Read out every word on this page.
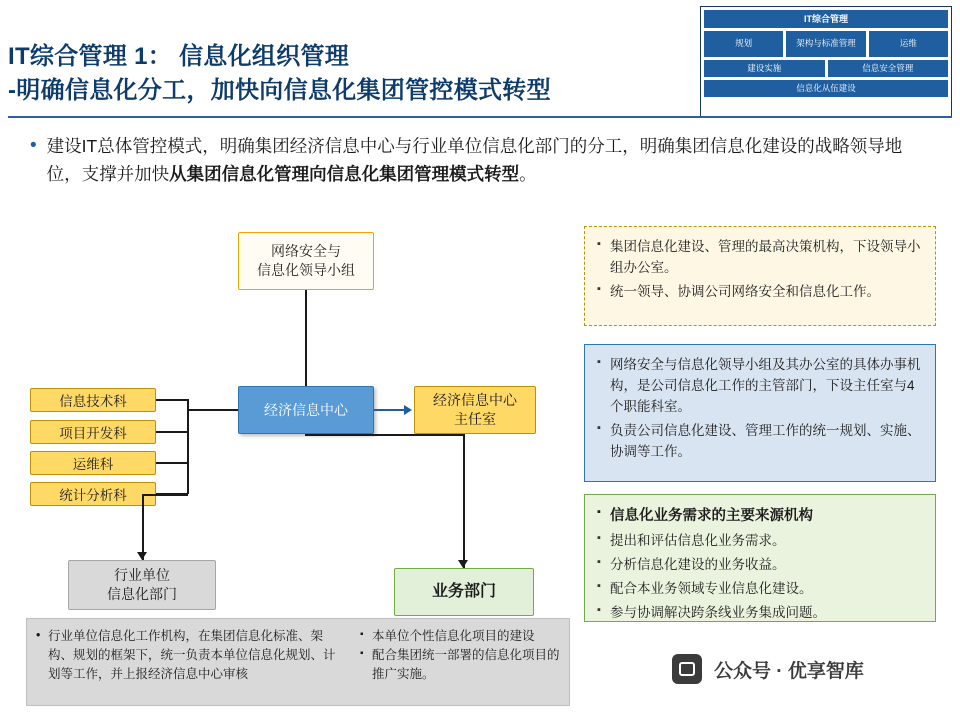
IT综合管理
规划	架构与标准管理	运维
建设实施	信息安全管理
信息化从伍建设
IT综合管理 1： 信息化组织管理
-明确信息化分工，加快向信息化集团管控模式转型
• 建设IT总体管控模式，明确集团经济信息中心与行业单位信息化部门的分工，明确集团信息化建设的战略领导地位，支撑并加快从集团信息化管理向信息化集团管理模式转型。
网络安全与
信息化领导小组
经济信息中心
经济信息中心
主任室
信息技术科
项目开发科
运维科
统计分析科
行业单位
信息化部门	业务部门
▪ 集团信息化建设、管理的最高决策机构，下设领导小组办公室。
▪ 统一领导、协调公司网络安全和信息化工作。
▪ 网络安全与信息化领导小组及其办公室的具体办事机构，是公司信息化工作的主管部门，下设主任室与4个职能科室。
▪ 负责公司信息化建设、管理工作的统一规划、实施、协调等工作。
▪ 信息化业务需求的主要来源机构
▪ 提出和评估信息化业务需求。
▪ 分析信息化建设的业务收益。
▪ 配合本业务领域专业信息化建设。
▪ 参与协调解决跨条线业务集成问题。
• 行业单位信息化工作机构，在集团信息化标准、架构、规划的框架下，统一负责本单位信息化规划、计划等工作，并上报经济信息中心审核
▪ 本单位个性信息化项目的建设
▪ 配合集团统一部署的信息化项目的推广实施。	公众号 · 优享智库
